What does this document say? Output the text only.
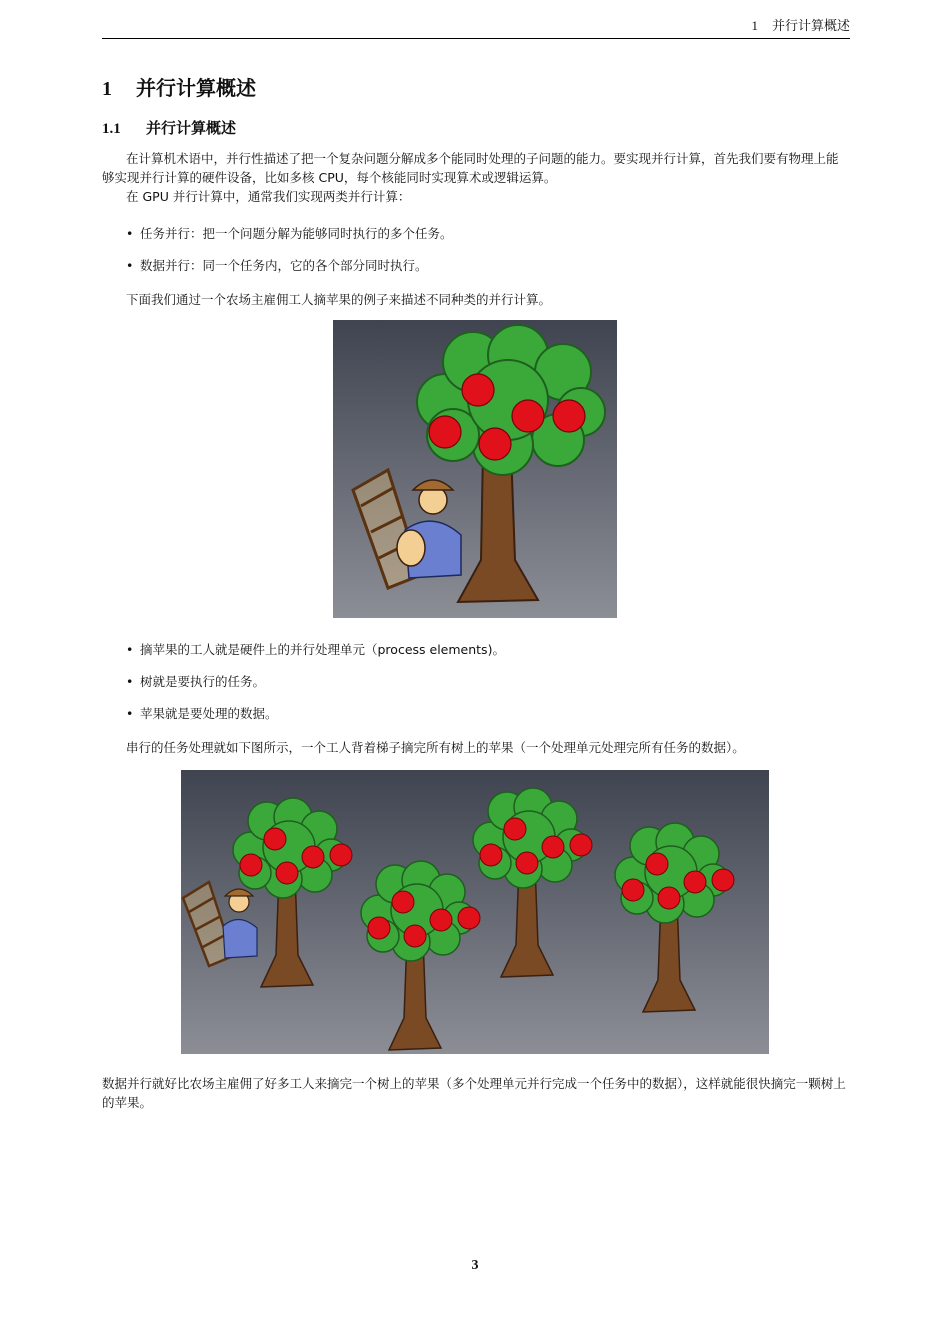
1 并行计算概述
1 并行计算概述
1.1 并行计算概述

在计算机术语中，并行性描述了把一个复杂问题分解成多个能同时处理的子问题的能力。要实现并行计算，首先我们要有物理上能够实现并行计算的硬件设备，比如多核 CPU，每个核能同时实现算术或逻辑运算。

在 GPU 并行计算中，通常我们实现两类并行计算：

• 任务并行：把一个问题分解为能够同时执行的多个任务。

• 数据并行：同一个任务内，它的各个部分同时执行。

下面我们通过一个农场主雇佣工人摘苹果的例子来描述不同种类的并行计算。

• 摘苹果的工人就是硬件上的并行处理单元（process elements)。

• 树就是要执行的任务。

• 苹果就是要处理的数据。

串行的任务处理就如下图所示，一个工人背着梯子摘完所有树上的苹果（一个处理单元处理完所有任务的数据）。

数据并行就好比农场主雇佣了好多工人来摘完一个树上的苹果（多个处理单元并行完成一个任务中的数据），这样就能很快摘完一颗树上的苹果。

3
